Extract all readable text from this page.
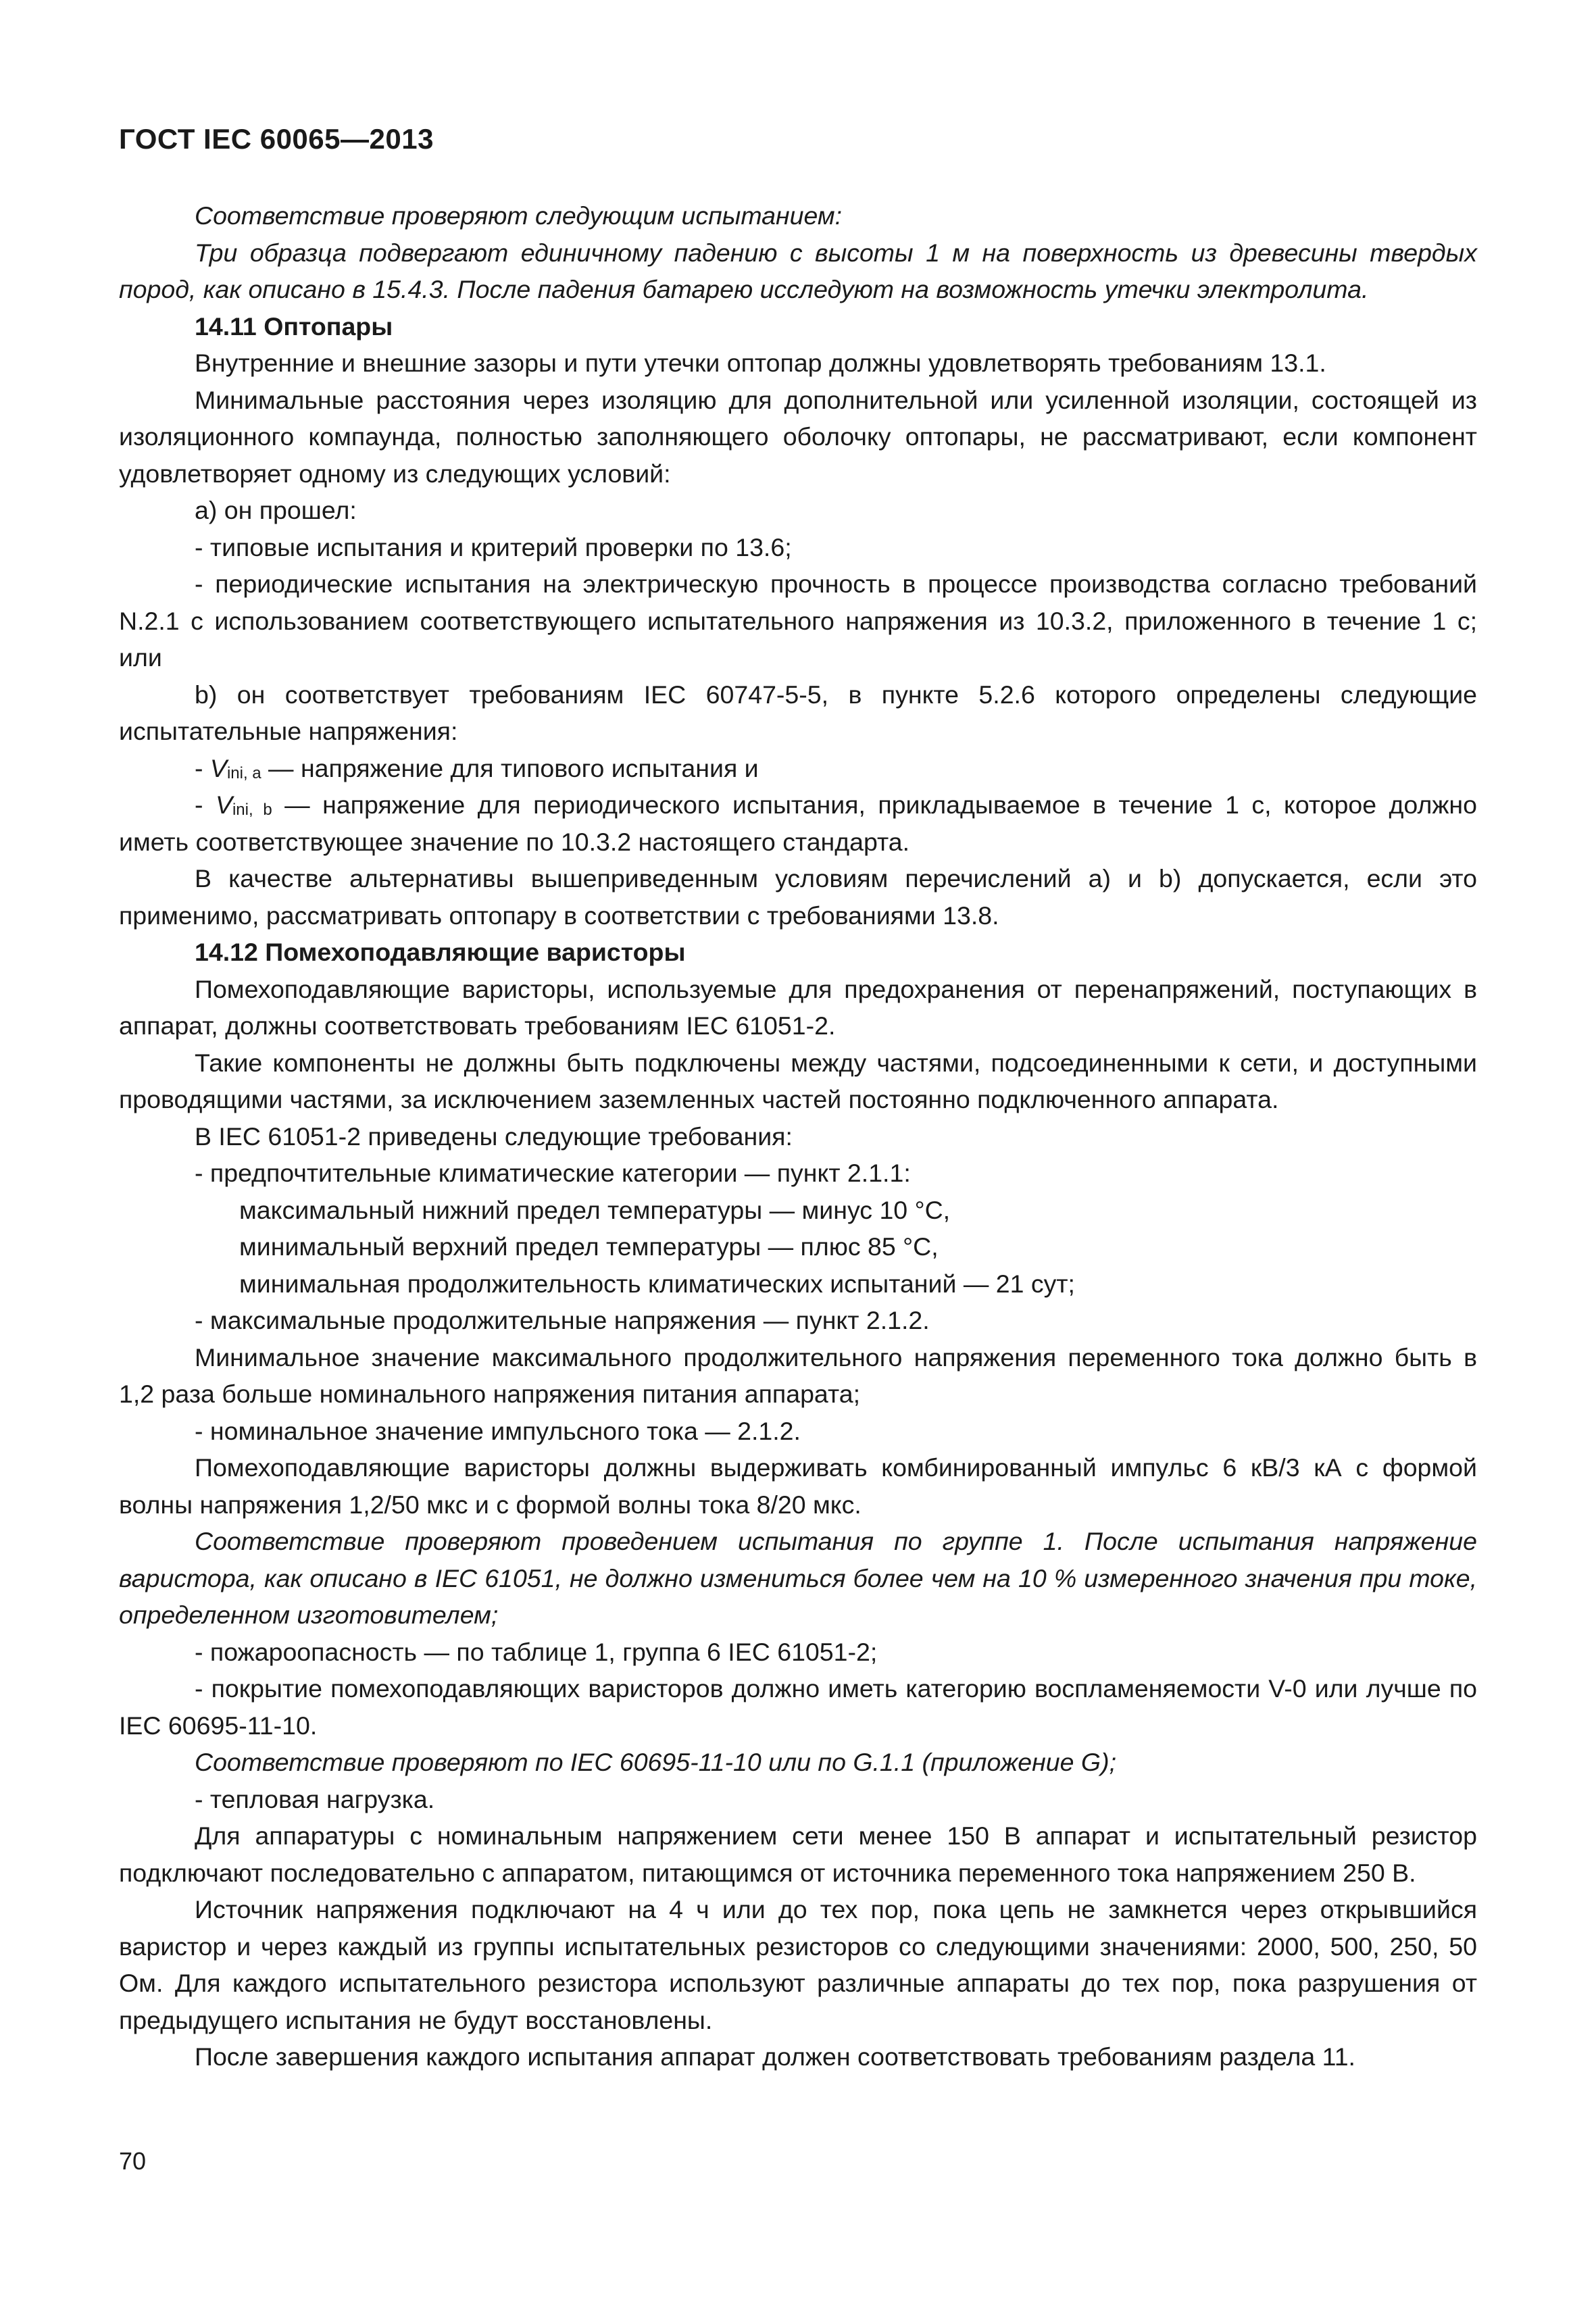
ГОСТ IEC 60065—2013

Соответствие проверяют следующим испытанием:

Три образца подвергают единичному падению с высоты 1 м на поверхность из древесины твердых пород, как описано в 15.4.3. После падения батарею исследуют на возможность утечки электролита.

14.11 Оптопары

Внутренние и внешние зазоры и пути утечки оптопар должны удовлетворять требованиям 13.1.

Минимальные расстояния через изоляцию для дополнительной или усиленной изоляции, состоящей из изоляционного компаунда, полностью заполняющего оболочку оптопары, не рассматривают, если компонент удовлетворяет одному из следующих условий:

а) он прошел:

- типовые испытания и критерий проверки по 13.6;

- периодические испытания на электрическую прочность в процессе производства согласно требований N.2.1 с использованием соответствующего испытательного напряжения из 10.3.2, приложенного в течение 1 с; или

b) он соответствует требованиям IEC 60747-5-5, в пункте 5.2.6 которого определены следующие испытательные напряжения:

- $V_{ini, a}$ — напряжение для типового испытания и

- $V_{ini, b}$ — напряжение для периодического испытания, прикладываемое в течение 1 с, которое должно иметь соответствующее значение по 10.3.2 настоящего стандарта.

В качестве альтернативы вышеприведенным условиям перечислений а) и b) допускается, если это применимо, рассматривать оптопару в соответствии с требованиями 13.8.

14.12 Помехоподавляющие варисторы

Помехоподавляющие варисторы, используемые для предохранения от перенапряжений, поступающих в аппарат, должны соответствовать требованиям IEC 61051-2.

Такие компоненты не должны быть подключены между частями, подсоединенными к сети, и доступными проводящими частями, за исключением заземленных частей постоянно подключенного аппарата.

В IEC 61051-2 приведены следующие требования:

- предпочтительные климатические категории — пункт 2.1.1:

максимальный нижний предел температуры — минус 10 °С,

минимальный верхний предел температуры — плюс 85 °С,

минимальная продолжительность климатических испытаний — 21 сут;

- максимальные продолжительные напряжения — пункт 2.1.2.

Минимальное значение максимального продолжительного напряжения переменного тока должно быть в 1,2 раза больше номинального напряжения питания аппарата;

- номинальное значение импульсного тока — 2.1.2.

Помехоподавляющие варисторы должны выдерживать комбинированный импульс 6 кВ/3 кА с формой волны напряжения 1,2/50 мкс и с формой волны тока 8/20 мкс.

Соответствие проверяют проведением испытания по группе 1. После испытания напряжение варистора, как описано в IEC 61051, не должно измениться более чем на 10 % измеренного значения при токе, определенном изготовителем;

- пожароопасность — по таблице 1, группа 6 IEC 61051-2;

- покрытие помехоподавляющих варисторов должно иметь категорию воспламеняемости V-0 или лучше по IEC 60695-11-10.

Соответствие проверяют по IEC 60695-11-10 или по G.1.1 (приложение G);

- тепловая нагрузка.

Для аппаратуры с номинальным напряжением сети менее 150 В аппарат и испытательный резистор подключают последовательно с аппаратом, питающимся от источника переменного тока напряжением 250 В.

Источник напряжения подключают на 4 ч или до тех пор, пока цепь не замкнется через открывшийся варистор и через каждый из группы испытательных резисторов со следующими значениями: 2000, 500, 250, 50 Ом. Для каждого испытательного резистора используют различные аппараты до тех пор, пока разрушения от предыдущего испытания не будут восстановлены.

После завершения каждого испытания аппарат должен соответствовать требованиям раздела 11.

70
